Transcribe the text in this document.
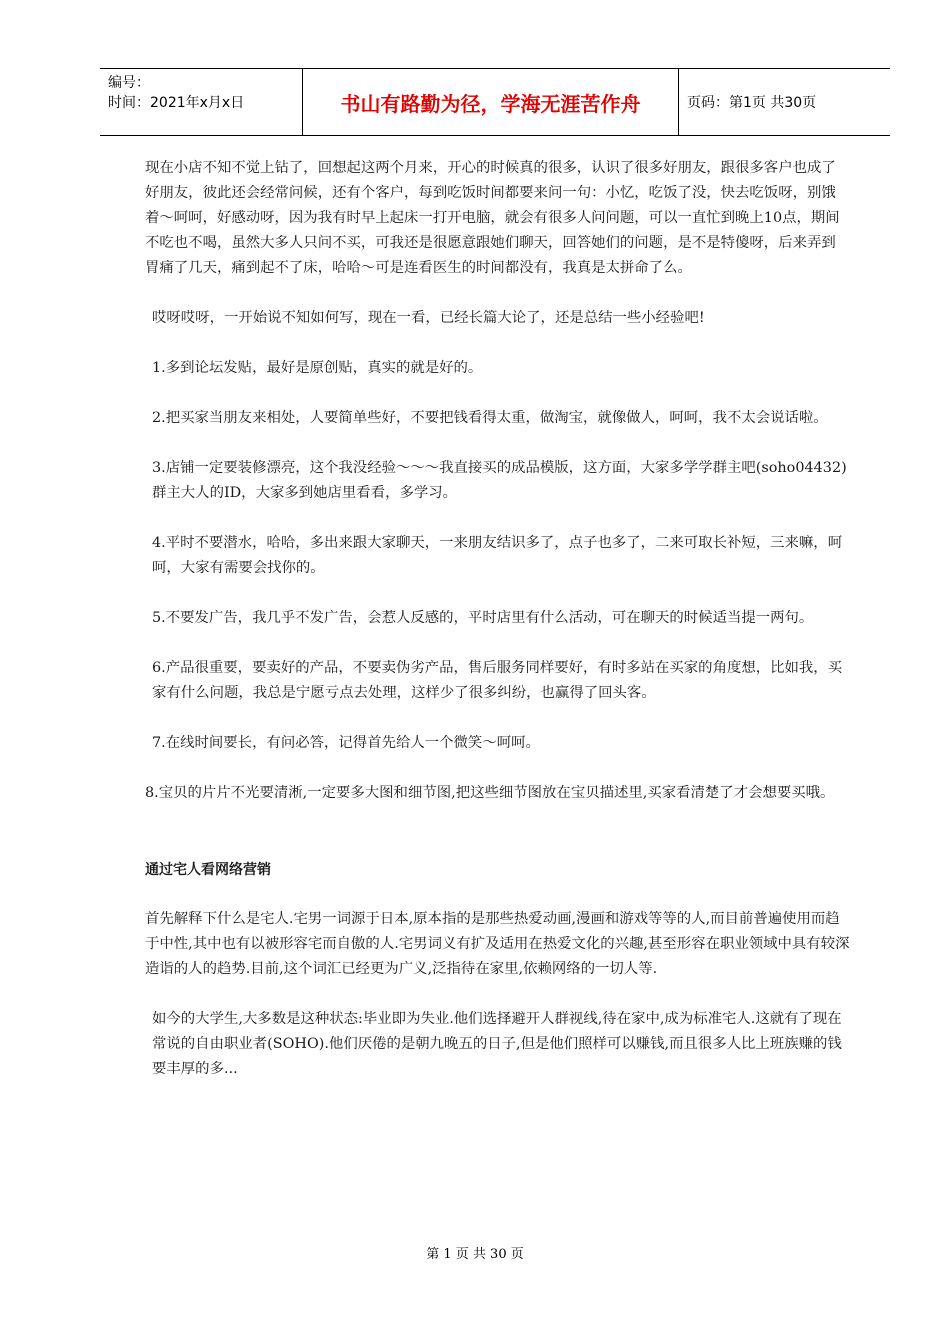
编号：
时间：2021年x月x日	书山有路勤为径，学海无涯苦作舟	页码：第1页 共30页

现在小店不知不觉上钻了，回想起这两个月来，开心的时候真的很多，认识了很多好朋友，跟很多客户也成了好朋友，彼此还会经常问候，还有个客户，每到吃饭时间都要来问一句：小忆，吃饭了没，快去吃饭呀，别饿着～呵呵，好感动呀，因为我有时早上起床一打开电脑，就会有很多人问问题，可以一直忙到晚上10点，期间不吃也不喝，虽然大多人只问不买，可我还是很愿意跟她们聊天，回答她们的问题，是不是特傻呀，后来弄到胃痛了几天，痛到起不了床，哈哈～可是连看医生的时间都没有，我真是太拼命了么。

哎呀哎呀，一开始说不知如何写，现在一看，已经长篇大论了，还是总结一些小经验吧!

1.多到论坛发贴，最好是原创贴，真实的就是好的。

2.把买家当朋友来相处，人要简单些好，不要把钱看得太重，做淘宝，就像做人，呵呵，我不太会说话啦。

3.店铺一定要装修漂亮，这个我没经验～～～我直接买的成品模版，这方面，大家多学学群主吧(soho04432)群主大人的ID，大家多到她店里看看，多学习。

4.平时不要潜水，哈哈，多出来跟大家聊天，一来朋友结识多了，点子也多了，二来可取长补短，三来嘛，呵呵，大家有需要会找你的。

5.不要发广告，我几乎不发广告，会惹人反感的，平时店里有什么活动，可在聊天的时候适当提一两句。

6.产品很重要，要卖好的产品，不要卖伪劣产品，售后服务同样要好，有时多站在买家的角度想，比如我，买家有什么问题，我总是宁愿亏点去处理，这样少了很多纠纷，也赢得了回头客。

7.在线时间要长，有问必答，记得首先给人一个微笑～呵呵。

8.宝贝的片片不光要清淅,一定要多大图和细节图,把这些细节图放在宝贝描述里,买家看清楚了才会想要买哦。

通过宅人看网络营销

首先解释下什么是宅人.宅男一词源于日本,原本指的是那些热爱动画,漫画和游戏等等的人,而目前普遍使用而趋于中性,其中也有以被形容宅而自傲的人.宅男词义有扩及适用在热爱文化的兴趣,甚至形容在职业领域中具有较深造诣的人的趋势.目前,这个词汇已经更为广义,泛指待在家里,依赖网络的一切人等.

如今的大学生,大多数是这种状态:毕业即为失业.他们选择避开人群视线,待在家中,成为标准宅人.这就有了现在常说的自由职业者(SOHO).他们厌倦的是朝九晚五的日子,但是他们照样可以赚钱,而且很多人比上班族赚的钱要丰厚的多...

第 1 页 共 30 页
